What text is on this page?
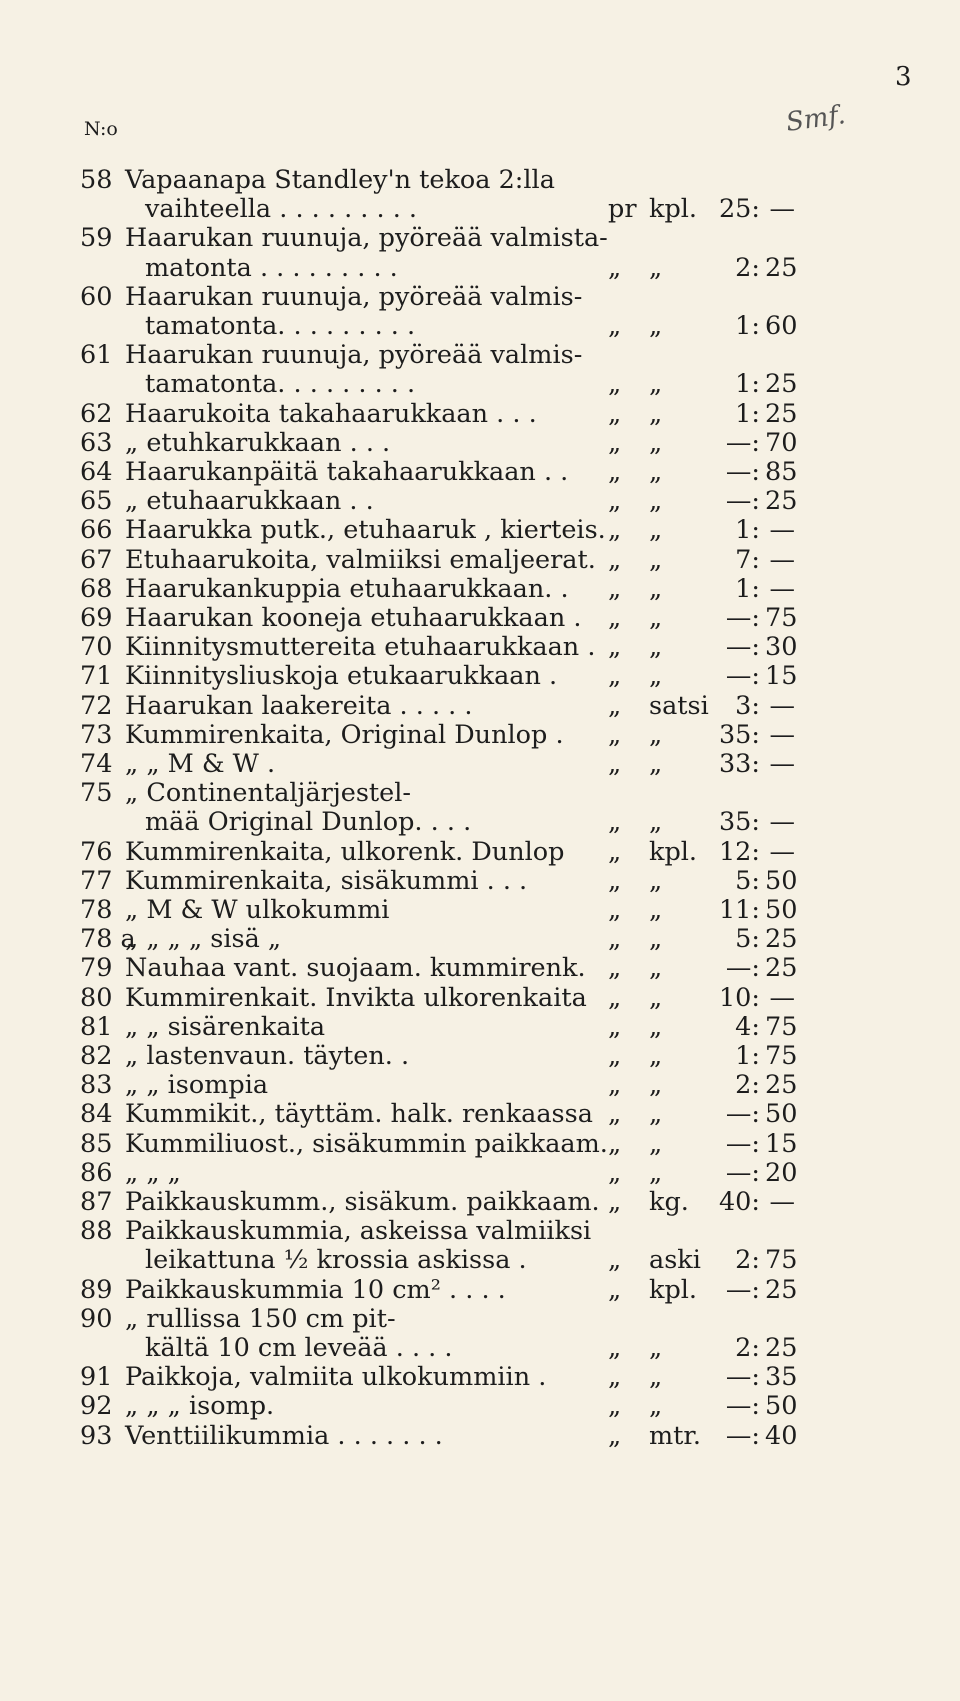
3
N:o	Smf.
58 Vapaanapa Standley'n tekoa 2:lla
vaihteella . . . . . . . . .	pr kpl. 25: —
59 Haarukan ruunuja, pyöreää valmista-
matonta . . . . . . . . .	„ „	2: 25
60 Haarukan ruunuja, pyöreää valmis-
tamatonta. . . . . . . . .	„ „	1: 60
61 Haarukan ruunuja, pyöreää valmis-
tamatonta. . . . . . . . .	„ „	1: 25
62 Haarukoita takahaarukkaan . . .	„ „	1: 25
63 „ etuhkarukkaan . . .	„ „	—: 70
64 Haarukanpäitä takahaarukkaan . . „ „	—: 85
65 „ etuhaarukkaan . .	„ „	—: 25
66 Haarukka putk., etuhaaruk , kierteis. „ „	1: —
67 Etuhaarukoita, valmiiksi emaljeerat. „ „	7: —
68 Haarukankuppia etuhaarukkaan. . „ „	1: —
69 Haarukan kooneja etuhaarukkaan . „ „	—: 75
70 Kiinnitysmuttereita etuhaarukkaan . „ „	—: 30
71 Kiinnitysliuskoja etukaarukkaan . „ „	—: 15
72 Haarukan laakereita . . . . .	„ satsi	3: —
73 Kummirenkaita, Original Dunlop . „ „	35: —
74 „ „ M & W .	„ „	33: —
75 „ Continentaljärjestel-
mää Original Dunlop. . . .	„ „	35: —
76 Kummirenkaita, ulkorenk. Dunlop „ kpl. 12: —
77 Kummirenkaita, sisäkummi . . .	„ „	5: 50
78 „ M & W ulkokummi	„ „	11: 50
78 a
„ „ „ „ sisä „	„ „	5: 25
79 Nauhaa vant. suojaam. kummirenk. „ „	—: 25
80 Kummirenkait. Invikta ulkorenkaita „ „	10: —
81 „ „ sisärenkaita	„ „	4: 75
82 „ lastenvaun. täyten. .	„ „	1: 75
83 „ „ isompia	„ „	2: 25
84 Kummikit., täyttäm. halk. renkaassa „ „	—: 50
85 Kummiliuost., sisäkummin paikkaam. „ „	—: 15
86 „ „ „	„ „	—: 20
87 Paikkauskumm., sisäkum. paikkaam. „ kg.	40: —
88 Paikkauskummia, askeissa valmiiksi
leikattuna ½ krossia askissa .	„ aski	2: 75
89 Paikkauskummia 10 cm² . . . .	„ kpl.	—: 25
90 „ rullissa 150 cm pit-
kältä 10 cm leveää . . . .	„ „	2: 25
91 Paikkoja, valmiita ulkokummiin . „ „	—: 35
92 „ „ „ isomp.	„ „	—: 50
93 Venttiilikummia . . . . . . .	„ mtr. —: 40
